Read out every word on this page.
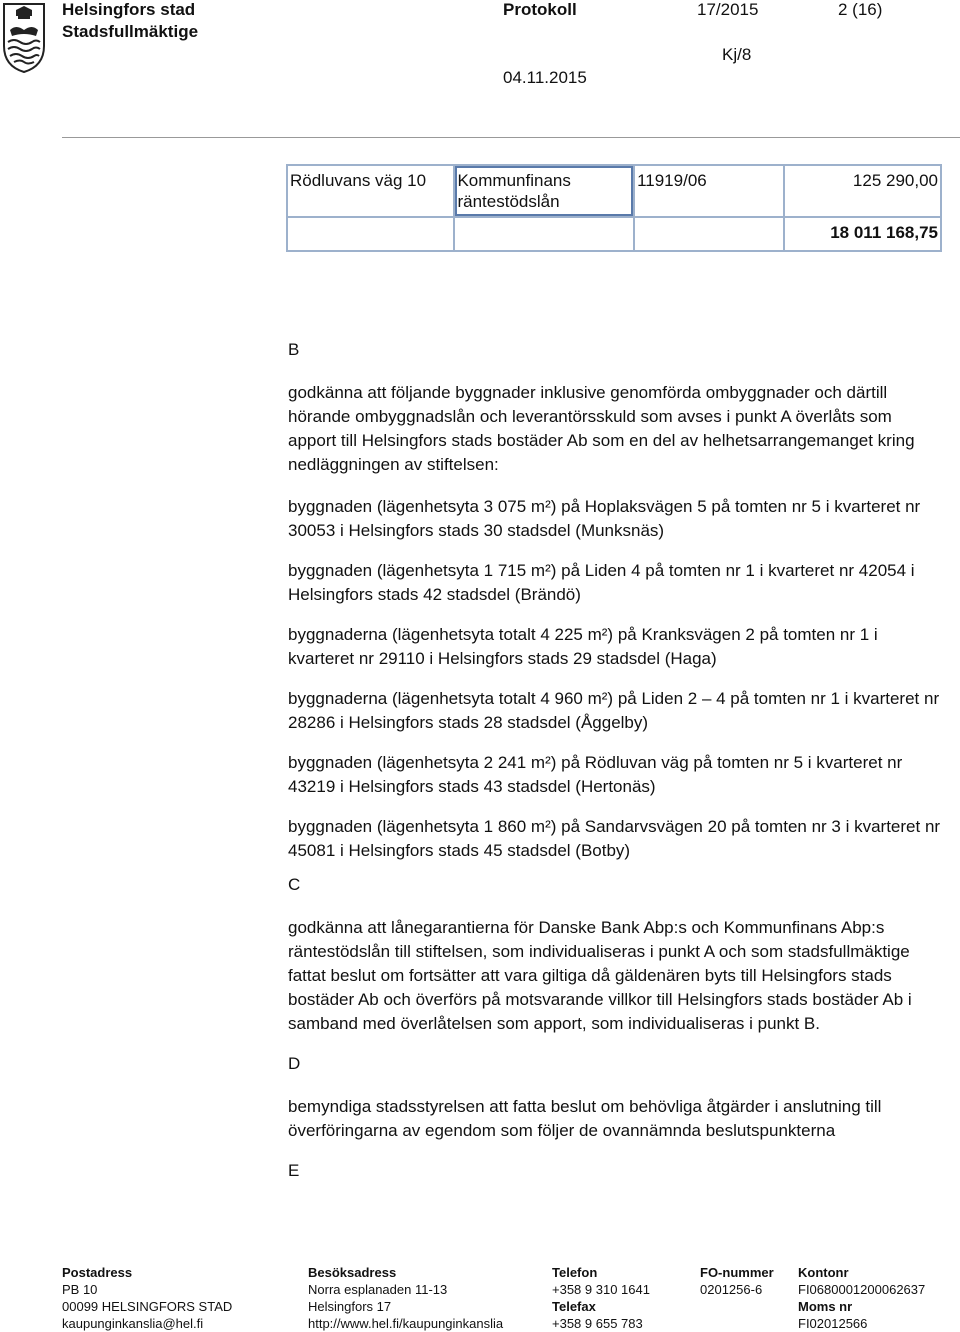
Helsingfors stad
Stadsfullmäktige
Protokoll	17/2015	2 (16)
Kj/8
04.11.2015
Rödluvans väg 10	Kommunfinans räntestödslån	11919/06	125 290,00
			18 011 168,75
B
godkänna att följande byggnader inklusive genomförda ombyggnader och därtill hörande ombyggnadslån och leverantörsskuld som avses i punkt A överlåts som apport till Helsingfors stads bostäder Ab som en del av helhetsarrangemanget kring nedläggningen av stiftelsen:
byggnaden (lägenhetsyta 3 075 m²) på Hoplaksvägen 5 på tomten nr 5 i kvarteret nr 30053 i Helsingfors stads 30 stadsdel (Munksnäs)
byggnaden (lägenhetsyta 1 715 m²) på Liden 4 på tomten nr 1 i kvarteret nr 42054 i Helsingfors stads 42 stadsdel (Brändö)
byggnaderna (lägenhetsyta totalt 4 225 m²) på Kranksvägen 2 på tomten nr 1 i kvarteret nr 29110 i Helsingfors stads 29 stadsdel (Haga)
byggnaderna (lägenhetsyta totalt 4 960 m²) på Liden 2 – 4 på tomten nr 1 i kvarteret nr 28286 i Helsingfors stads 28 stadsdel (Åggelby)
byggnaden (lägenhetsyta 2 241 m²) på Rödluvan väg på tomten nr 5 i kvarteret nr 43219 i Helsingfors stads 43 stadsdel (Hertonäs)
byggnaden (lägenhetsyta 1 860 m²) på Sandarvsvägen 20 på tomten nr 3 i kvarteret nr 45081 i Helsingfors stads 45 stadsdel (Botby)
C
godkänna att lånegarantierna för Danske Bank Abp:s och Kommunfinans Abp:s räntestödslån till stiftelsen, som individualiseras i punkt A och som stadsfullmäktige fattat beslut om fortsätter att vara giltiga då gäldenären byts till Helsingfors stads bostäder Ab och överförs på motsvarande villkor till Helsingfors stads bostäder Ab i samband med överlåtelsen som apport, som individualiseras i punkt B.
D
bemyndiga stadsstyrelsen att fatta beslut om behövliga åtgärder i anslutning till överföringarna av egendom som följer de ovannämnda beslutspunkterna
E
Postadress
PB 10
00099 HELSINGFORS STAD
kaupunginkanslia@hel.fi
Besöksadress
Norra esplanaden 11-13
Helsingfors 17
http://www.hel.fi/kaupunginkanslia
Telefon
+358 9 310 1641
Telefax
+358 9 655 783
FO-nummer
0201256-6
Kontonr
FI0680001200062637
Moms nr
FI02012566
